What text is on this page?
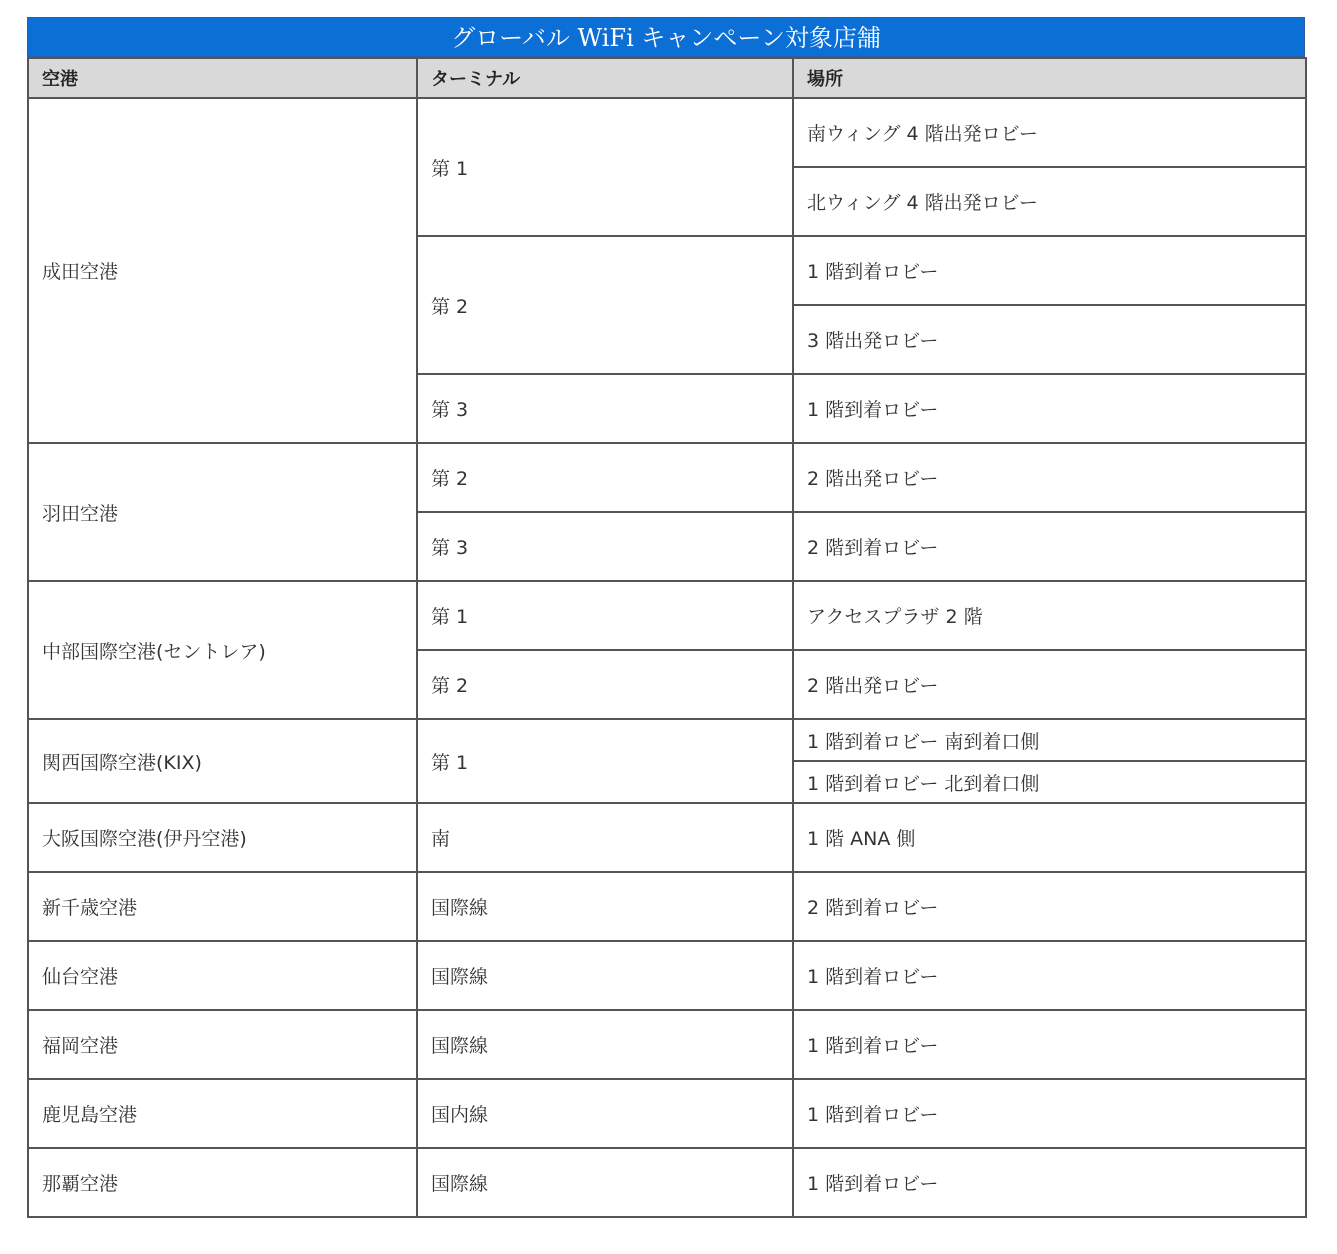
グローバル WiFi キャンペーン対象店舗
空港	ターミナル	場所
成田空港	第 1	南ウィング 4 階出発ロビー
		北ウィング 4 階出発ロビー
	第 2	1 階到着ロビー
		3 階出発ロビー
	第 3	1 階到着ロビー
羽田空港	第 2	2 階出発ロビー
	第 3	2 階到着ロビー
中部国際空港(セントレア)	第 1	アクセスプラザ 2 階
	第 2	2 階出発ロビー
関西国際空港(KIX)	第 1	1 階到着ロビー 南到着口側
		1 階到着ロビー 北到着口側
大阪国際空港(伊丹空港)	南	1 階 ANA 側
新千歳空港	国際線	2 階到着ロビー
仙台空港	国際線	1 階到着ロビー
福岡空港	国際線	1 階到着ロビー
鹿児島空港	国内線	1 階到着ロビー
那覇空港	国際線	1 階到着ロビー
